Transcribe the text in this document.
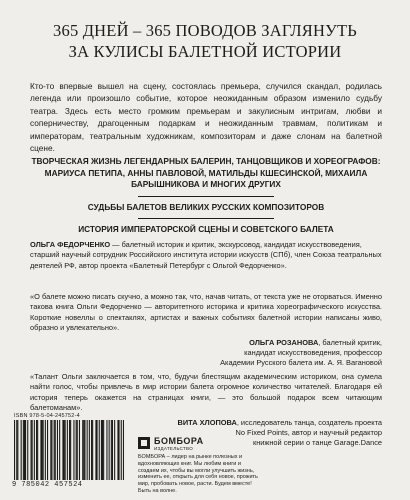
365 ДНЕЙ – 365 ПОВОДОВ ЗАГЛЯНУТЬ
ЗА КУЛИСЫ БАЛЕТНОЙ ИСТОРИИ
Кто-то впервые вышел на сцену, состоялась премьера, случился скандал, родилась легенда или произошло событие, которое неожиданным образом изменило судьбу театра. Здесь есть место громким премьерам и закулисным интригам, любви и соперничеству, драгоценным подаркам и неожиданным травмам, политикам и императорам, театральным художникам, композиторам и даже слонам на балетной сцене.

ТВОРЧЕСКАЯ ЖИЗНЬ ЛЕГЕНДАРНЫХ БАЛЕРИН, ТАНЦОВЩИКОВ И ХОРЕОГРАФОВ: МАРИУСА ПЕТИПА, АННЫ ПАВЛОВОЙ, МАТИЛЬДЫ КШЕСИНСКОЙ, МИХАИЛА БАРЫШНИКОВА И МНОГИХ ДРУГИХ

СУДЬБЫ БАЛЕТОВ ВЕЛИКИХ РУССКИХ КОМПОЗИТОРОВ

ИСТОРИЯ ИМПЕРАТОРСКОЙ СЦЕНЫ И СОВЕТСКОГО БАЛЕТА

ОЛЬГА ФЕДОРЧЕНКО — балетный историк и критик, экскурсовод, кандидат искусствоведения, старший научный сотрудник Российского института истории искусств (СПб), член Союза театральных деятелей РФ, автор проекта «Балетный Петербург с Ольгой Федорченко».
«О балете можно писать скучно, а можно так, что, начав читать, от текста уже не оторваться. Именно такова книга Ольги Федорченко — авторитетного историка и критика хореографического искусства. Короткие новеллы о спектаклях, артистах и важных событиях балетной истории написаны живо, образно и увлекательно».
ОЛЬГА РОЗАНОВА, балетный критик,
кандидат искусствоведения, профессор
Академии Русского балета им. А. Я. Вагановой
«Талант Ольги заключается в том, что, будучи блестящим академическим историком, она сумела найти голос, чтобы привлечь в мир истории балета огромное количество читателей. Благодаря ей история теперь окажется на страницах книги, — это большой подарок всем читающим балетоманам».
ВИТА ХЛОПОВА, исследователь танца, создатель проекта
No Fixed Points, автор и научный редактор
книжной серии о танце Garage.Dance
ISBN 978-5-04-245752-4
9 785042 457524
БОМБОРА
ИЗДАТЕЛЬСТВО
БОМБОРА – лидер на рынке полезных и вдохновляющих книг. Мы любим книги и создаем их, чтобы вы могли улучшить жизнь, изменить ее, открыть для себя новое, прожить мир, пробовать новое, расти. Будем вместе! Быть на волне.
